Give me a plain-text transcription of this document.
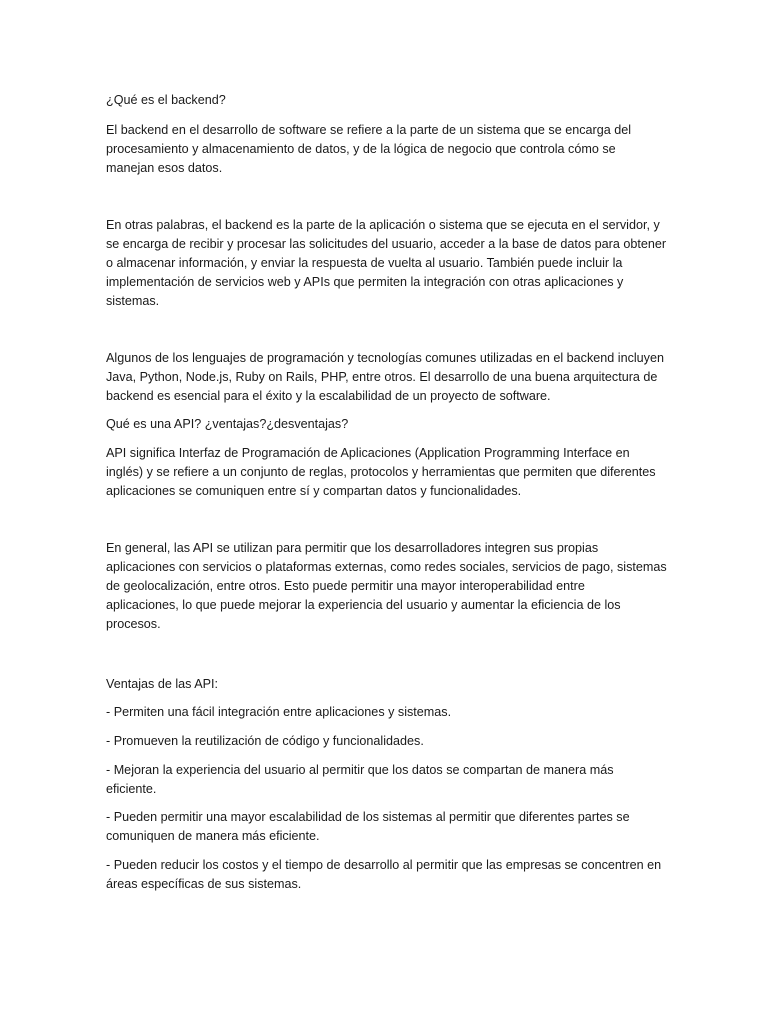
¿Qué es el backend?

El backend en el desarrollo de software se refiere a la parte de un sistema que se encarga del

procesamiento y almacenamiento de datos, y de la lógica de negocio que controla cómo se

manejan esos datos.

En otras palabras, el backend es la parte de la aplicación o sistema que se ejecuta en el servidor, y

se encarga de recibir y procesar las solicitudes del usuario, acceder a la base de datos para obtener

o almacenar información, y enviar la respuesta de vuelta al usuario. También puede incluir la

implementación de servicios web y APIs que permiten la integración con otras aplicaciones y

sistemas.

Algunos de los lenguajes de programación y tecnologías comunes utilizadas en el backend incluyen

Java, Python, Node.js, Ruby on Rails, PHP, entre otros. El desarrollo de una buena arquitectura de

backend es esencial para el éxito y la escalabilidad de un proyecto de software.

Qué es una API? ¿ventajas?¿desventajas?

API significa Interfaz de Programación de Aplicaciones (Application Programming Interface en

inglés) y se refiere a un conjunto de reglas, protocolos y herramientas que permiten que diferentes

aplicaciones se comuniquen entre sí y compartan datos y funcionalidades.

En general, las API se utilizan para permitir que los desarrolladores integren sus propias

aplicaciones con servicios o plataformas externas, como redes sociales, servicios de pago, sistemas

de geolocalización, entre otros. Esto puede permitir una mayor interoperabilidad entre

aplicaciones, lo que puede mejorar la experiencia del usuario y aumentar la eficiencia de los

procesos.

Ventajas de las API:

- Permiten una fácil integración entre aplicaciones y sistemas.

- Promueven la reutilización de código y funcionalidades.

- Mejoran la experiencia del usuario al permitir que los datos se compartan de manera más

eficiente.

- Pueden permitir una mayor escalabilidad de los sistemas al permitir que diferentes partes se

comuniquen de manera más eficiente.

- Pueden reducir los costos y el tiempo de desarrollo al permitir que las empresas se concentren en

áreas específicas de sus sistemas.
